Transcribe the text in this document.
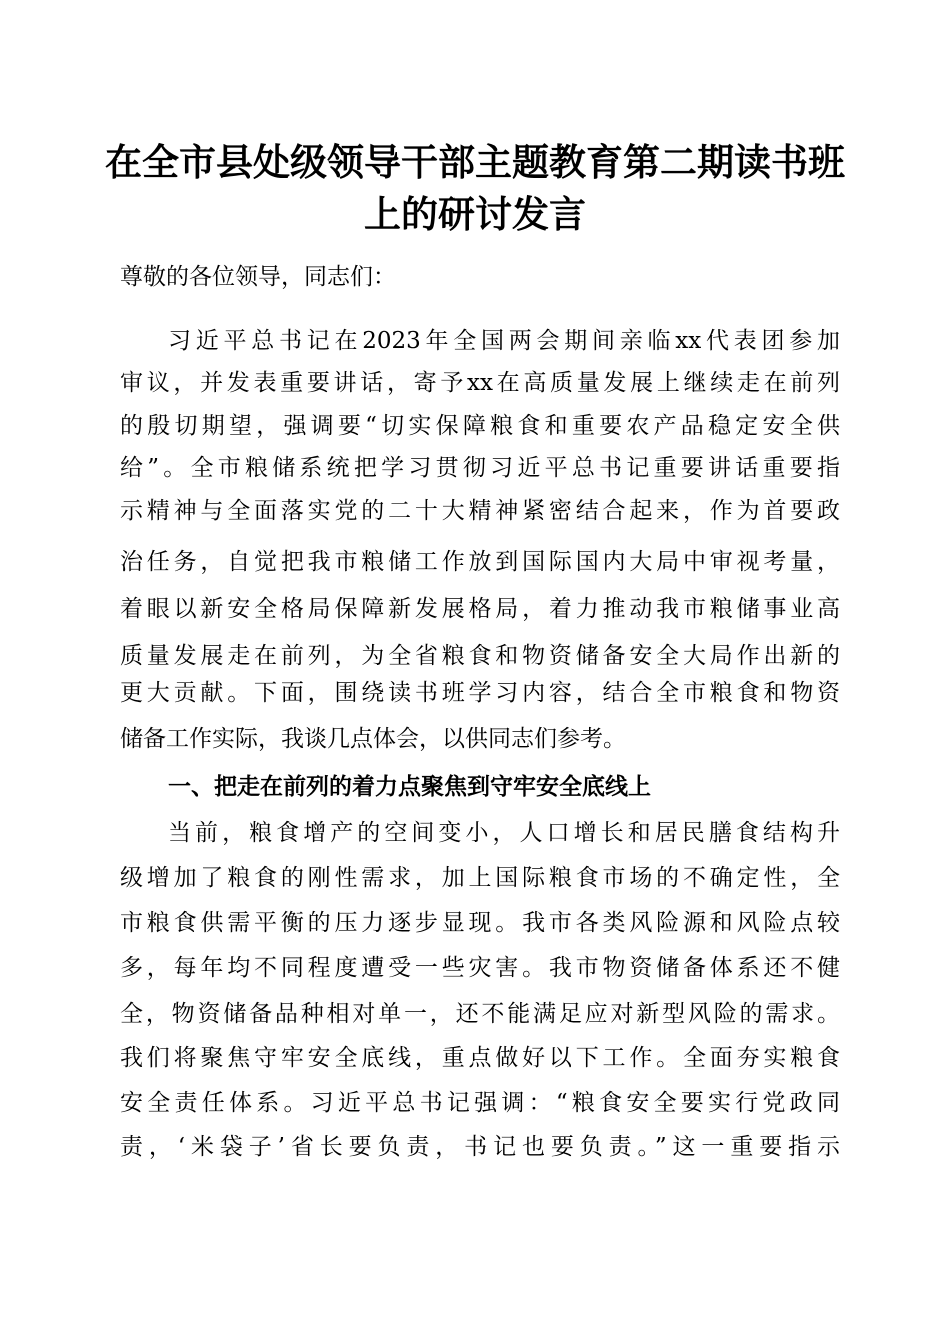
在全市县处级领导干部主题教育第二期读书班
上的研讨发言
尊敬的各位领导，同志们：
习近平总书记在2023年全国两会期间亲临xx代表团参加
审议，并发表重要讲话，寄予xx在高质量发展上继续走在前列
的殷切期望，强调要“切实保障粮食和重要农产品稳定安全供
给”。全市粮储系统把学习贯彻习近平总书记重要讲话重要指
示精神与全面落实党的二十大精神紧密结合起来，作为首要政
治任务，自觉把我市粮储工作放到国际国内大局中审视考量，
着眼以新安全格局保障新发展格局，着力推动我市粮储事业高
质量发展走在前列，为全省粮食和物资储备安全大局作出新的
更大贡献。下面，围绕读书班学习内容，结合全市粮食和物资
储备工作实际，我谈几点体会，以供同志们参考。
一、把走在前列的着力点聚焦到守牢安全底线上
当前，粮食增产的空间变小，人口增长和居民膳食结构升
级增加了粮食的刚性需求，加上国际粮食市场的不确定性，全
市粮食供需平衡的压力逐步显现。我市各类风险源和风险点较
多，每年均不同程度遭受一些灾害。我市物资储备体系还不健
全，物资储备品种相对单一，还不能满足应对新型风险的需求。
我们将聚焦守牢安全底线，重点做好以下工作。全面夯实粮食
安全责任体系。习近平总书记强调：“粮食安全要实行党政同
责，‘米袋子’省长要负责，书记也要负责。”这一重要指示
